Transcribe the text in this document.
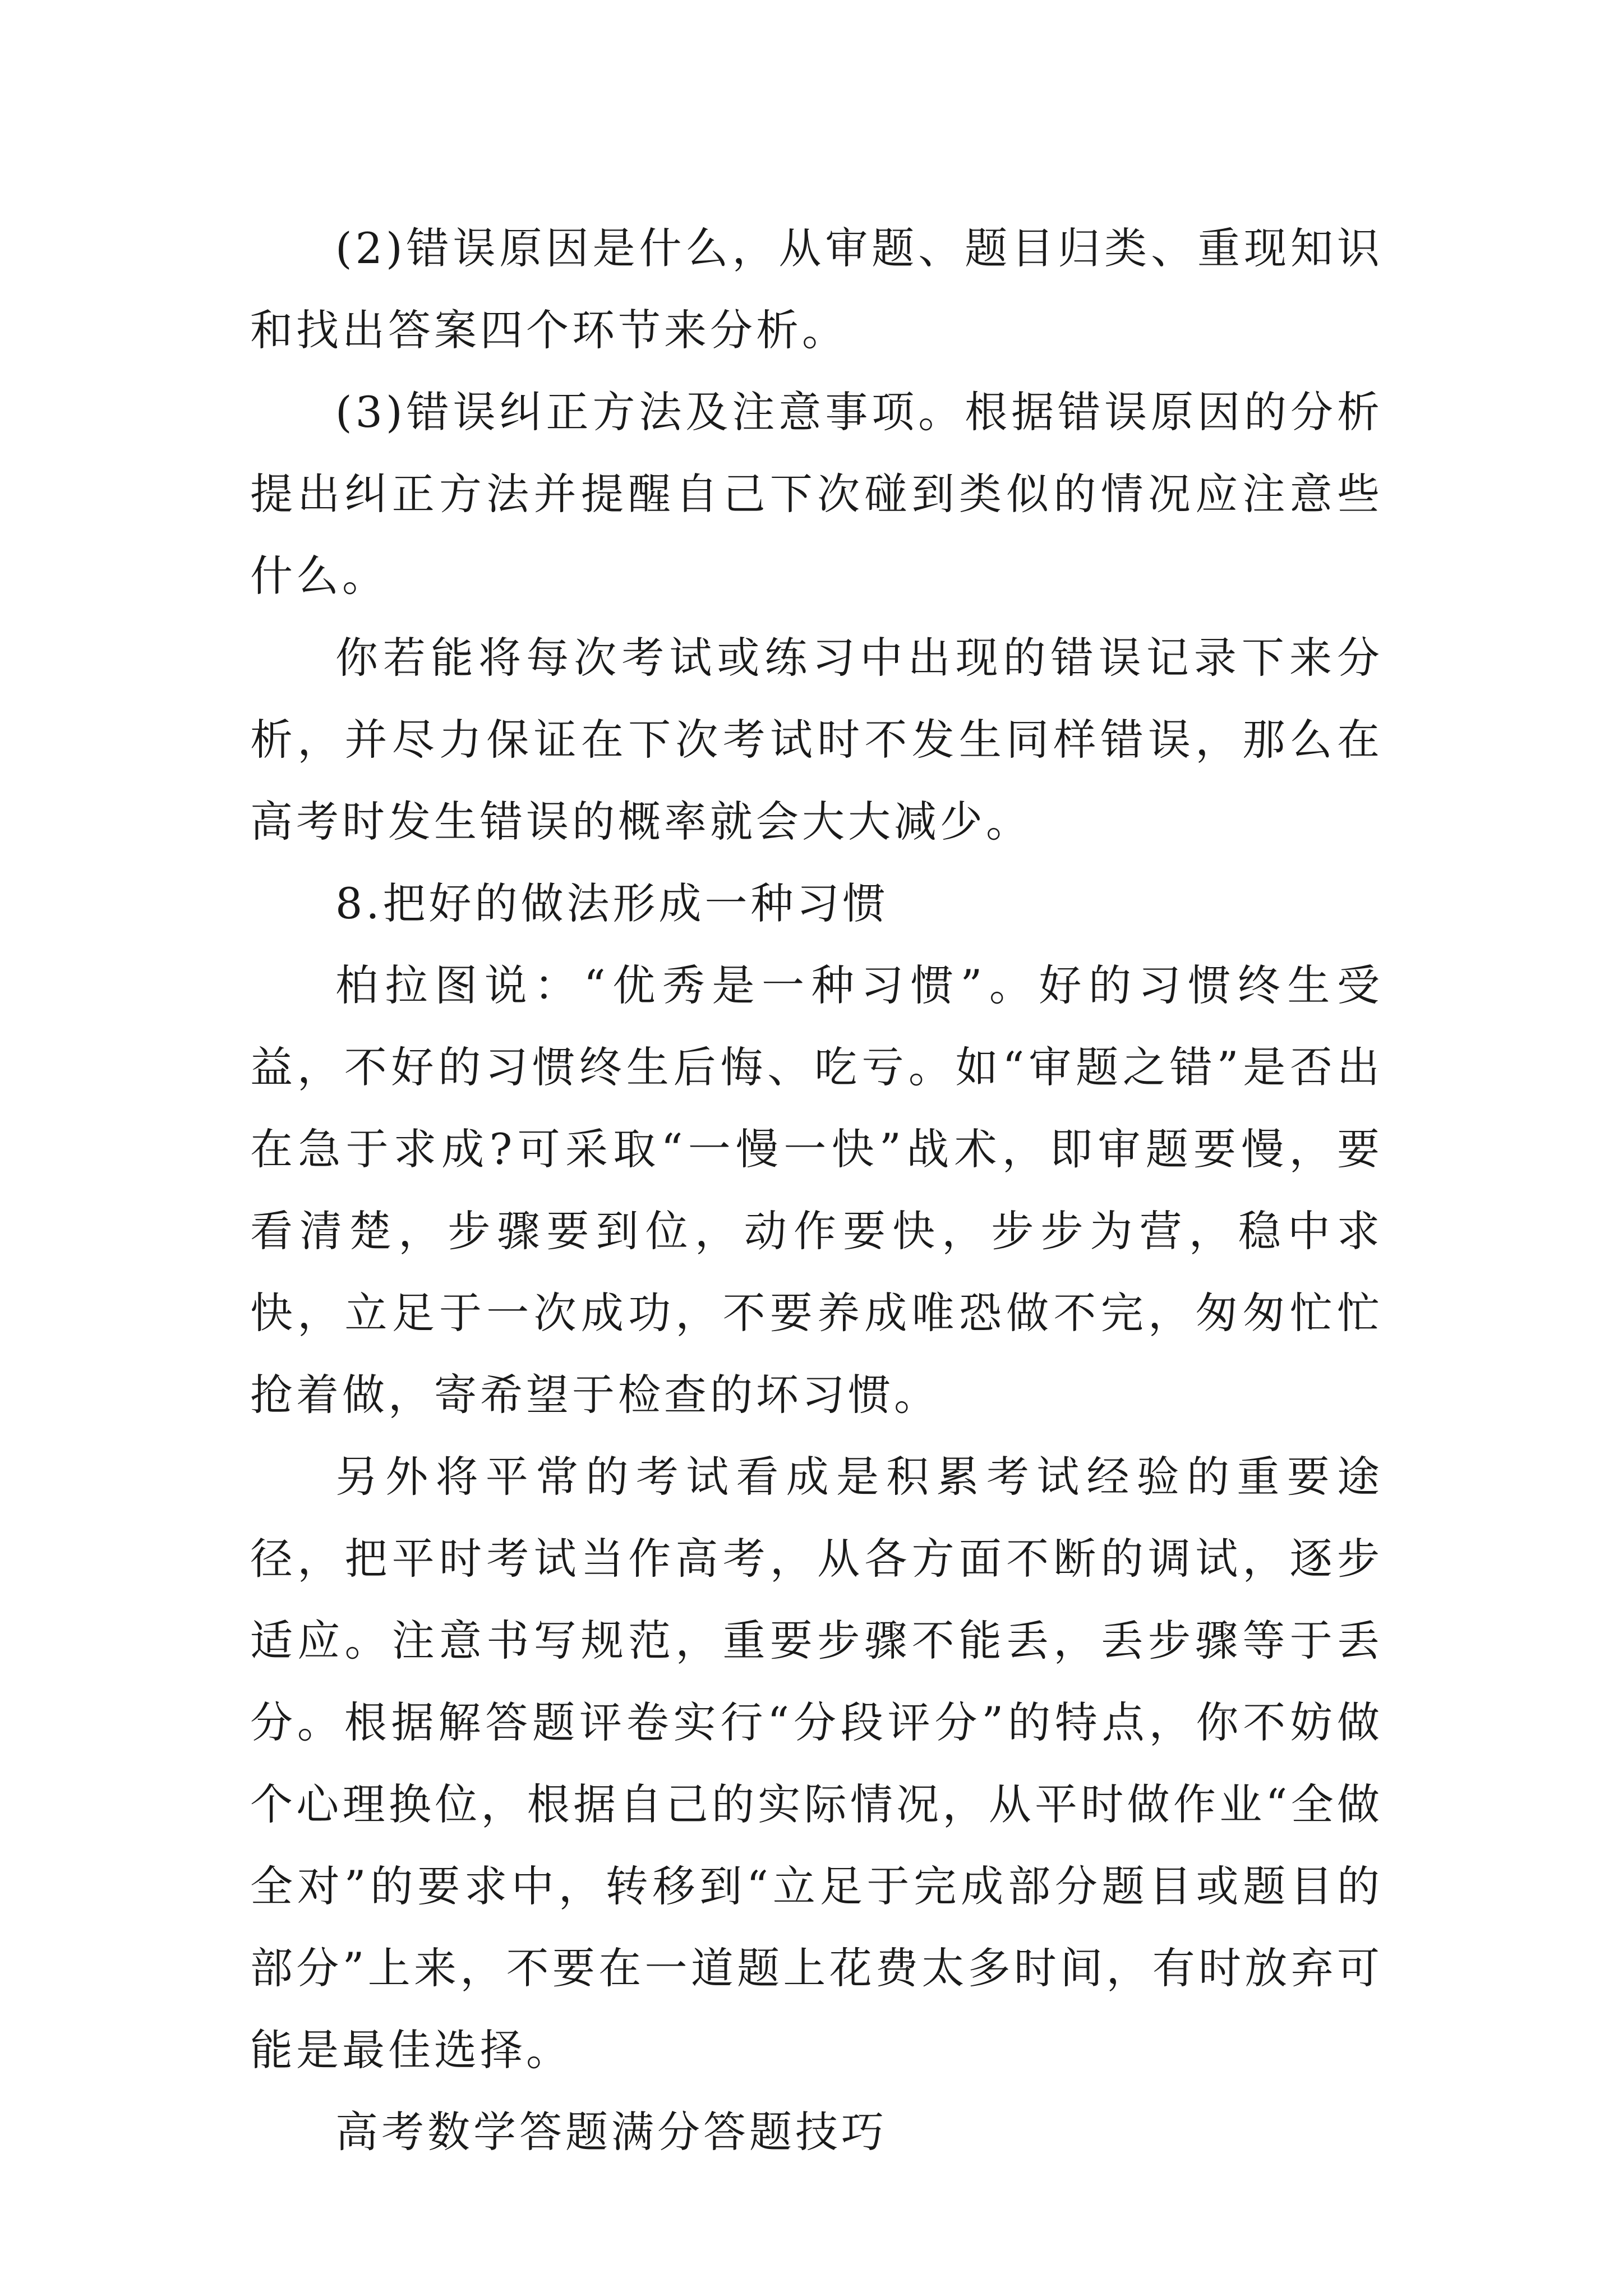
(2)错误原因是什么，从审题、题目归类、重现知识和找出答案四个环节来分析。

(3)错误纠正方法及注意事项。根据错误原因的分析提出纠正方法并提醒自己下次碰到类似的情况应注意些什么。

你若能将每次考试或练习中出现的错误记录下来分析，并尽力保证在下次考试时不发生同样错误，那么在高考时发生错误的概率就会大大减少。

8.把好的做法形成一种习惯

柏拉图说：“优秀是一种习惯”。好的习惯终生受益，不好的习惯终生后悔、吃亏。如“审题之错”是否出在急于求成?可采取“一慢一快”战术，即审题要慢，要看清楚，步骤要到位，动作要快，步步为营，稳中求快，立足于一次成功，不要养成唯恐做不完，匆匆忙忙抢着做，寄希望于检查的坏习惯。

另外将平常的考试看成是积累考试经验的重要途径，把平时考试当作高考，从各方面不断的调试，逐步适应。注意书写规范，重要步骤不能丢，丢步骤等于丢分。根据解答题评卷实行“分段评分”的特点，你不妨做个心理换位，根据自己的实际情况，从平时做作业“全做全对”的要求中，转移到“立足于完成部分题目或题目的部分”上来，不要在一道题上花费太多时间，有时放弃可能是最佳选择。

高考数学答题满分答题技巧
